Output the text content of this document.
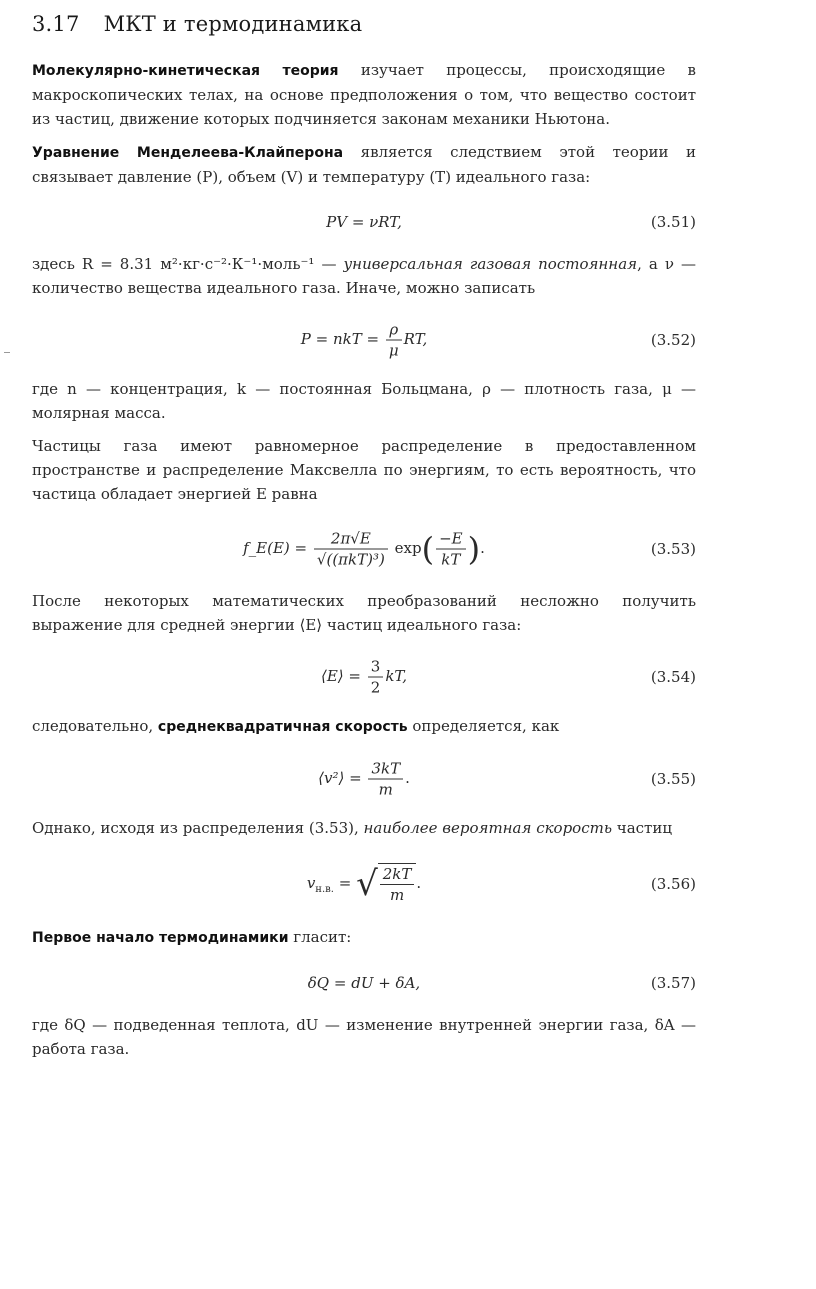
3.17 МКТ и термодинамика

Молекулярно-кинетическая теория изучает процессы, происходящие в макроскопических телах, на основе предположения о том, что вещество состоит из частиц, движение которых подчиняется законам механики Ньютона.

Уравнение Менделеева-Клайперона является следствием этой теории и связывает давление (P), объем (V) и температуру (T) идеального газа:

PV = νRT,	(3.51)

здесь R = 8.31 м²·кг·с⁻²·К⁻¹·моль⁻¹ — универсальная газовая постоянная, а ν — количество вещества идеального газа. Иначе, можно записать

P = nkT = $\frac{\rho}{\mu}$ RT,	(3.52)

где n — концентрация, k — постоянная Больцмана, ρ — плотность газа, μ — молярная масса.

Частицы газа имеют равномерное распределение в предоставленном пространстве и распределение Максвелла по энергиям, то есть вероятность, что частица обладает энергией E равна

f_E(E) = $\frac{2\pi√E}{\text{√((πkT)³)}} \exp( \frac{-E}{kT}$ ).	(3.53)

После некоторых математических преобразований несложно получить выражение для средней энергии ⟨E⟩ частиц идеального газа:

⟨E⟩ = $\frac{3}{2}$ kT,	(3.54)

следовательно, среднеквадратичная скорость определяется, как

⟨v²⟩ = $\frac{3kT}{m}$ .	(3.55)

Однако, исходя из распределения (3.53), наиболее вероятная скорость частиц

$v_{н.в.}$ = √ $\frac{2kT}{m}$ .	(3.56)

Первое начало термодинамики гласит:

δQ = dU + δA,	(3.57)

где δQ — подведенная теплота, dU — изменение внутренней энергии газа, δA — работа газа.
